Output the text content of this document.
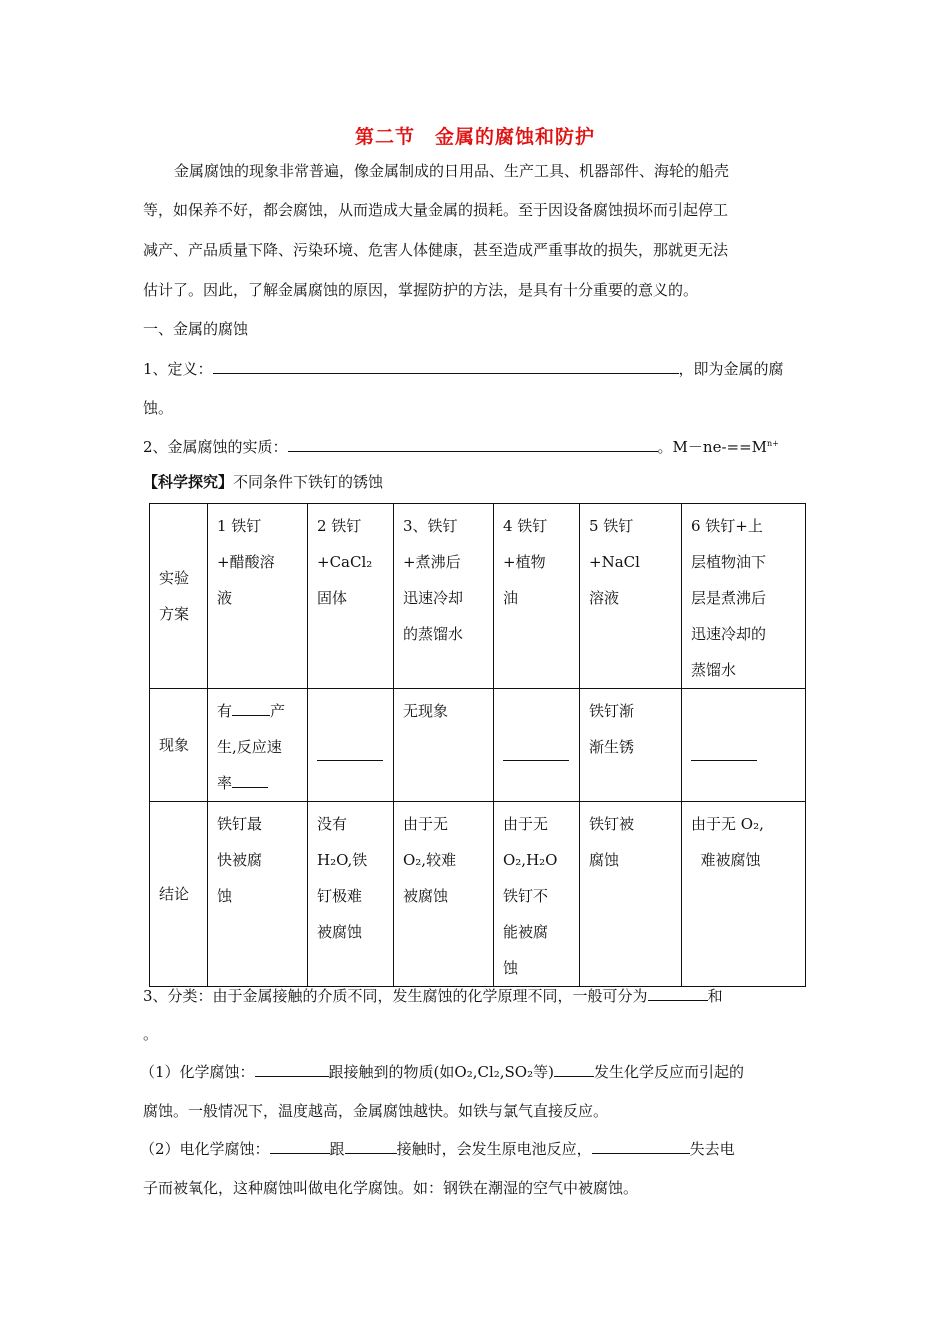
第二节　金属的腐蚀和防护
金属腐蚀的现象非常普遍，像金属制成的日用品、生产工具、机器部件、海轮的船壳
等，如保养不好，都会腐蚀，从而造成大量金属的损耗。至于因设备腐蚀损坏而引起停工
减产、产品质量下降、污染环境、危害人体健康，甚至造成严重事故的损失，那就更无法
估计了。因此，了解金属腐蚀的原因，掌握防护的方法，是具有十分重要的意义的。
一、金属的腐蚀
1、定义：	，即为金属的腐
蚀。
2、金属腐蚀的实质：	。$M-ne-==M^{n+}$
【科学探究】不同条件下铁钉的锈蚀
实验方案	1 铁钉
+醋酸溶
液	2 铁钉
+CaCl₂
固体	3、铁钉
+煮沸后
迅速冷却
的蒸馏水	4 铁钉
+植物
油	5 铁钉
+NaCl
溶液	6 铁钉+上
层植物油下
层是煮沸后
迅速冷却的
蒸馏水

现象	有 产
生,反应速
率		无现象		铁钉渐
渐生锈	

结论	铁钉最
快被腐
蚀	没有
H₂O,铁
钉极难
被腐蚀	由于无
O₂,较难
被腐蚀	由于无
O₂,H₂O
铁钉不
能被腐
蚀	铁钉被
腐蚀	由于无 O₂,
难被腐蚀
3、分类：由于金属接触的介质不同，发生腐蚀的化学原理不同，一般可分为	和
。
（1）化学腐蚀：	跟接触到的物质(如O₂,Cl₂,SO₂等)	发生化学反应而引起的
腐蚀。一般情况下，温度越高，金属腐蚀越快。如铁与氯气直接反应。
（2）电化学腐蚀：	跟	接触时，会发生原电池反应，	失去电
子而被氧化，这种腐蚀叫做电化学腐蚀。如：钢铁在潮湿的空气中被腐蚀。
